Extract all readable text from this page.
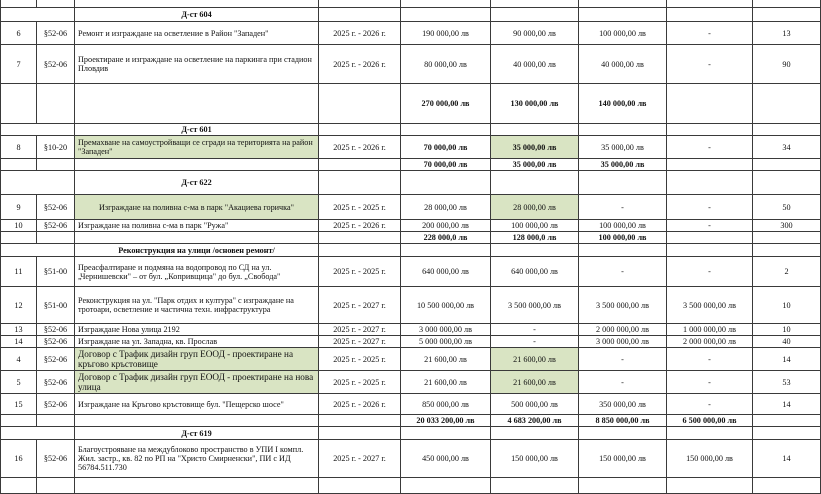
		Д-ст 604						
6	§52-06	Ремонт и изграждане на осветление в Район "Западен"	2025 г. - 2026 г.	190 000,00 лв	90 000,00 лв	100 000,00 лв	-	13
7	§52-06	Проектиране и изграждане на осветление на паркинга при стадион Пловдив	2025 г. - 2026 г.	80 000,00 лв	40 000,00 лв	40 000,00 лв	-	90
				270 000,00 лв	130 000,00 лв	140 000,00 лв		
		Д-ст 601						
8	§10-20	Премахване на самоустройващи се сгради на територията на район "Западен"	2025 г. - 2026 г.	70 000,00 лв	35 000,00 лв	35 000,00 лв	-	34
				70 000,00 лв	35 000,00 лв	35 000,00 лв		
		Д-ст 622						
9	§52-06	Изграждане на поливна с-ма в парк "Акациева горичка"	2025 г. - 2025 г.	28 000,00 лв	28 000,00 лв	-	-	50
10	§52-06	Изграждане на поливна с-ма в парк "Ружа"	2025 г. - 2026 г.	200 000,00 лв	100 000,00 лв	100 000,00 лв	-	300
				228 000,0 лв	128 000,0 лв	100 000,00 лв		
		Реконструкция на улици /основен ремонт/						
11	§51-00	Преасфалтиране и подмяна на водопровод по СД на ул. „Чернишевски" – от бул. „Копривщица" до бул. „Свобода"	2025 г. - 2025 г.	640 000,00 лв	640 000,00 лв	-	-	2
12	§51-00	Реконструкция на ул. "Парк отдих и култура" с изграждане на тротоари, осветление и частична техн. инфраструктура	2025 г. - 2027 г.	10 500 000,00 лв	3 500 000,00 лв	3 500 000,00 лв	3 500 000,00 лв	10
13	§52-06	Изграждане Нова улица 2192	2025 г. - 2027 г.	3 000 000,00 лв	-	2 000 000,00 лв	1 000 000,00 лв	10
14	§52-06	Изграждане на ул. Западна, кв. Прослав	2025 г. - 2027 г.	5 000 000,00 лв	-	3 000 000,00 лв	2 000 000,00 лв	40
4	§52-06	Договор с Трафик дизайн груп ЕООД - проектиране на кръгово кръстовище	2025 г. - 2025 г.	21 600,00 лв	21 600,00 лв	-	-	14
5	§52-06	Договор с Трафик дизайн груп ЕООД - проектиране на нова улица	2025 г. - 2025 г.	21 600,00 лв	21 600,00 лв	-	-	53
15	§52-06	Изграждане на Кръгово кръстовище бул. "Пещерско шосе"	2025 г. - 2026 г.	850 000,00 лв	500 000,00 лв	350 000,00 лв	-	14
				20 033 200,00 лв	4 683 200,00 лв	8 850 000,00 лв	6 500 000,00 лв	
		Д-ст 619						
16	§52-06	Благоустрояване на междублоково пространство в УПИ I компл. Жил. застр., кв. 82 по РП на "Христо Смирненски", ПИ с ИД 56784.511.730	2025 г. - 2027 г.	450 000,00 лв	150 000,00 лв	150 000,00 лв	150 000,00 лв	14
